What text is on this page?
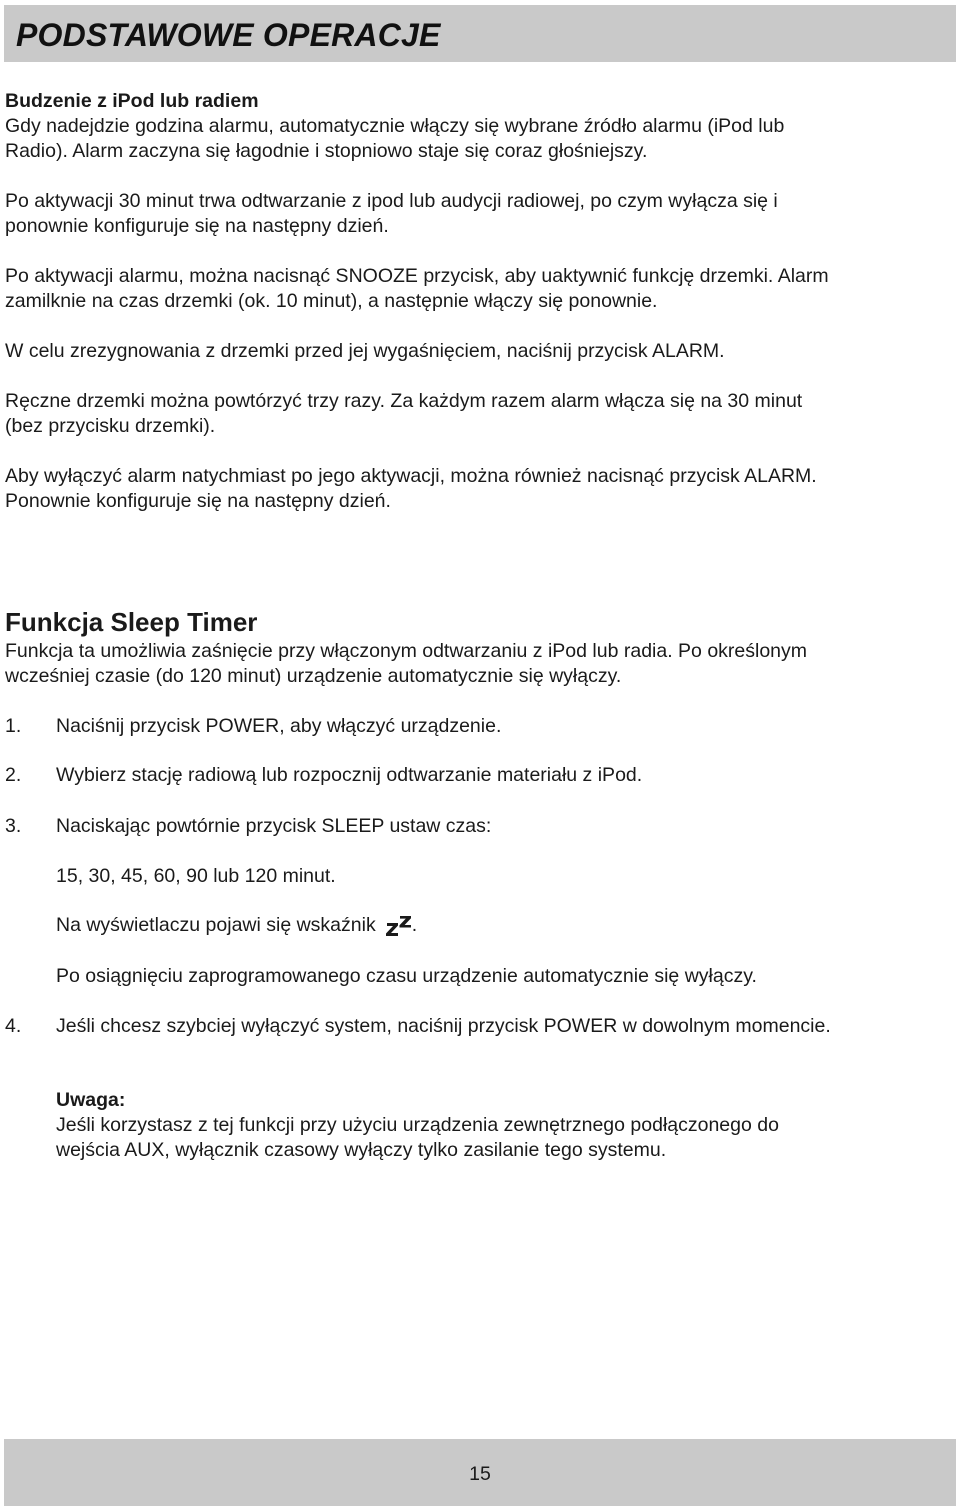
PODSTAWOWE OPERACJE

Budzenie z iPod lub radiem

Gdy nadejdzie godzina alarmu, automatycznie włączy się wybrane źródło alarmu (iPod lub

Radio). Alarm zaczyna się łagodnie i stopniowo staje się coraz głośniejszy.

Po aktywacji 30 minut trwa odtwarzanie z ipod lub audycji radiowej, po czym wyłącza się i

ponownie konfiguruje się na następny dzień.

Po aktywacji alarmu, można nacisnąć SNOOZE przycisk, aby uaktywnić funkcję drzemki. Alarm

zamilknie na czas drzemki (ok. 10 minut), a następnie włączy się ponownie.

W celu zrezygnowania z drzemki przed jej wygaśnięciem, naciśnij przycisk ALARM.

Ręczne drzemki można powtórzyć trzy razy. Za każdym razem alarm włącza się na 30 minut

(bez przycisku drzemki).

Aby wyłączyć alarm natychmiast po jego aktywacji, można również nacisnąć przycisk ALARM.

Ponownie konfiguruje się na następny dzień.

Funkcja Sleep Timer

Funkcja ta umożliwia zaśnięcie przy włączonym odtwarzaniu z iPod lub radia. Po określonym

wcześniej czasie (do 120 minut) urządzenie automatycznie się wyłączy.

1. Naciśnij przycisk POWER, aby włączyć urządzenie.
2. Wybierz stację radiową lub rozpocznij odtwarzanie materiału z iPod.
3. Naciskając powtórnie przycisk SLEEP ustaw czas:

15, 30, 45, 60, 90 lub 120 minut.

Na wyświetlaczu pojawi się wskaźnik .

Po osiągnięciu zaprogramowanego czasu urządzenie automatycznie się wyłączy.

4. Jeśli chcesz szybciej wyłączyć system, naciśnij przycisk POWER w dowolnym momencie.

Uwaga:

Jeśli korzystasz z tej funkcji przy użyciu urządzenia zewnętrznego podłączonego do

wejścia AUX, wyłącznik czasowy wyłączy tylko zasilanie tego systemu.

15
